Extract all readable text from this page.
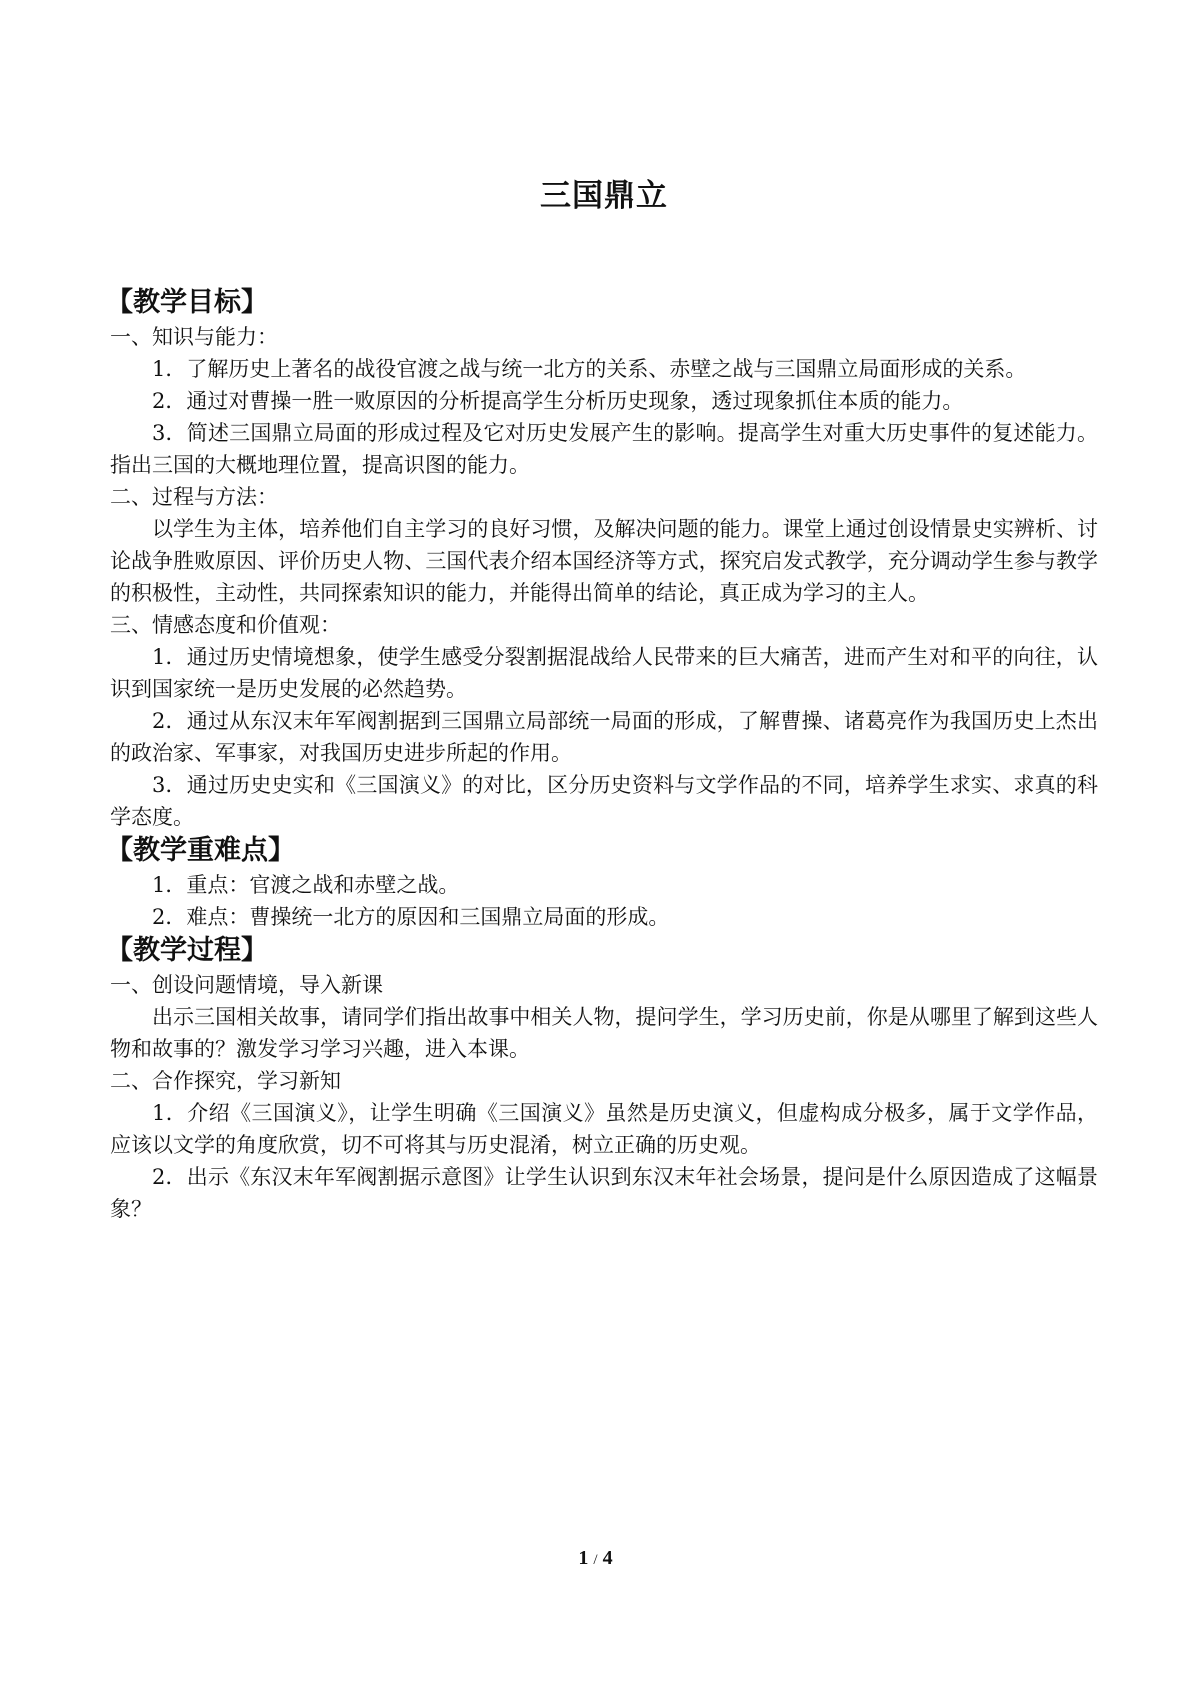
三国鼎立

【教学目标】

一、知识与能力：

1．了解历史上著名的战役官渡之战与统一北方的关系、赤壁之战与三国鼎立局面形成的关系。

2．通过对曹操一胜一败原因的分析提高学生分析历史现象，透过现象抓住本质的能力。

3．简述三国鼎立局面的形成过程及它对历史发展产生的影响。提高学生对重大历史事件的复述能力。指出三国的大概地理位置，提高识图的能力。

二、过程与方法：

以学生为主体，培养他们自主学习的良好习惯，及解决问题的能力。课堂上通过创设情景史实辨析、讨论战争胜败原因、评价历史人物、三国代表介绍本国经济等方式，探究启发式教学，充分调动学生参与教学的积极性，主动性，共同探索知识的能力，并能得出简单的结论，真正成为学习的主人。

三、情感态度和价值观：

1．通过历史情境想象，使学生感受分裂割据混战给人民带来的巨大痛苦，进而产生对和平的向往，认识到国家统一是历史发展的必然趋势。

2．通过从东汉末年军阀割据到三国鼎立局部统一局面的形成，了解曹操、诸葛亮作为我国历史上杰出的政治家、军事家，对我国历史进步所起的作用。

3．通过历史史实和《三国演义》的对比，区分历史资料与文学作品的不同，培养学生求实、求真的科学态度。

【教学重难点】

1．重点：官渡之战和赤壁之战。

2．难点：曹操统一北方的原因和三国鼎立局面的形成。

【教学过程】

一、创设问题情境，导入新课

出示三国相关故事，请同学们指出故事中相关人物，提问学生，学习历史前，你是从哪里了解到这些人物和故事的？激发学习学习兴趣，进入本课。

二、合作探究，学习新知

1．介绍《三国演义》，让学生明确《三国演义》虽然是历史演义，但虚构成分极多，属于文学作品，应该以文学的角度欣赏，切不可将其与历史混淆，树立正确的历史观。

2．出示《东汉末年军阀割据示意图》让学生认识到东汉末年社会场景，提问是什么原因造成了这幅景象？

1 / 4
